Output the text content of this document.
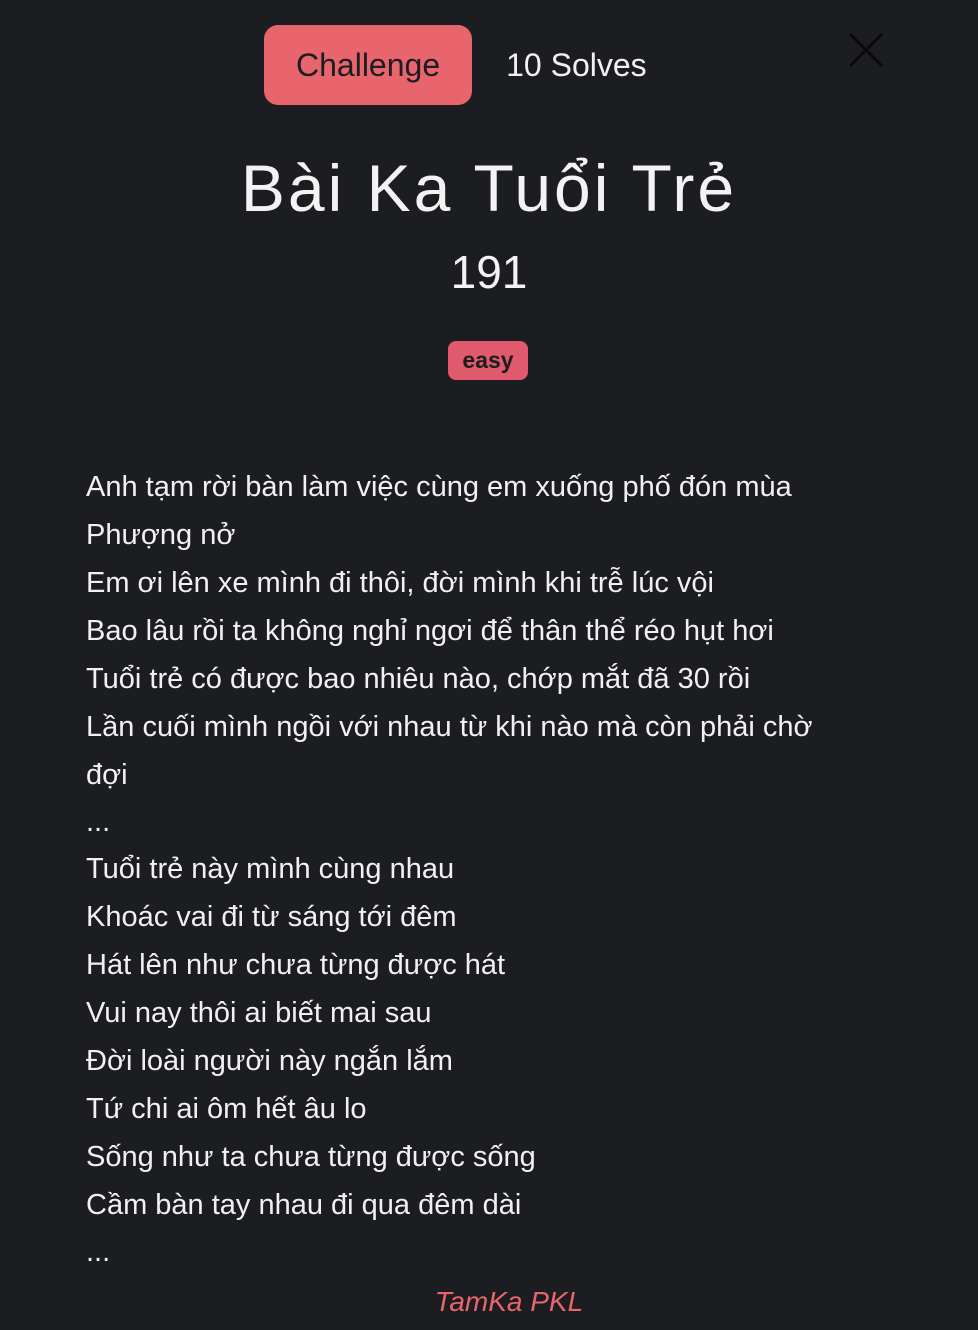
Challenge	10 Solves
Bài Ka Tuổi Trẻ
191
easy
Anh tạm rời bàn làm việc cùng em xuống phố đón mùa
Phượng nở
Em ơi lên xe mình đi thôi, đời mình khi trễ lúc vội
Bao lâu rồi ta không nghỉ ngơi để thân thể réo hụt hơi
Tuổi trẻ có được bao nhiêu nào, chớp mắt đã 30 rồi
Lần cuối mình ngồi với nhau từ khi nào mà còn phải chờ
đợi
...
Tuổi trẻ này mình cùng nhau
Khoác vai đi từ sáng tới đêm
Hát lên như chưa từng được hát
Vui nay thôi ai biết mai sau
Đời loài người này ngắn lắm
Tứ chi ai ôm hết âu lo
Sống như ta chưa từng được sống
Cầm bàn tay nhau đi qua đêm dài
...
TamKa PKL
